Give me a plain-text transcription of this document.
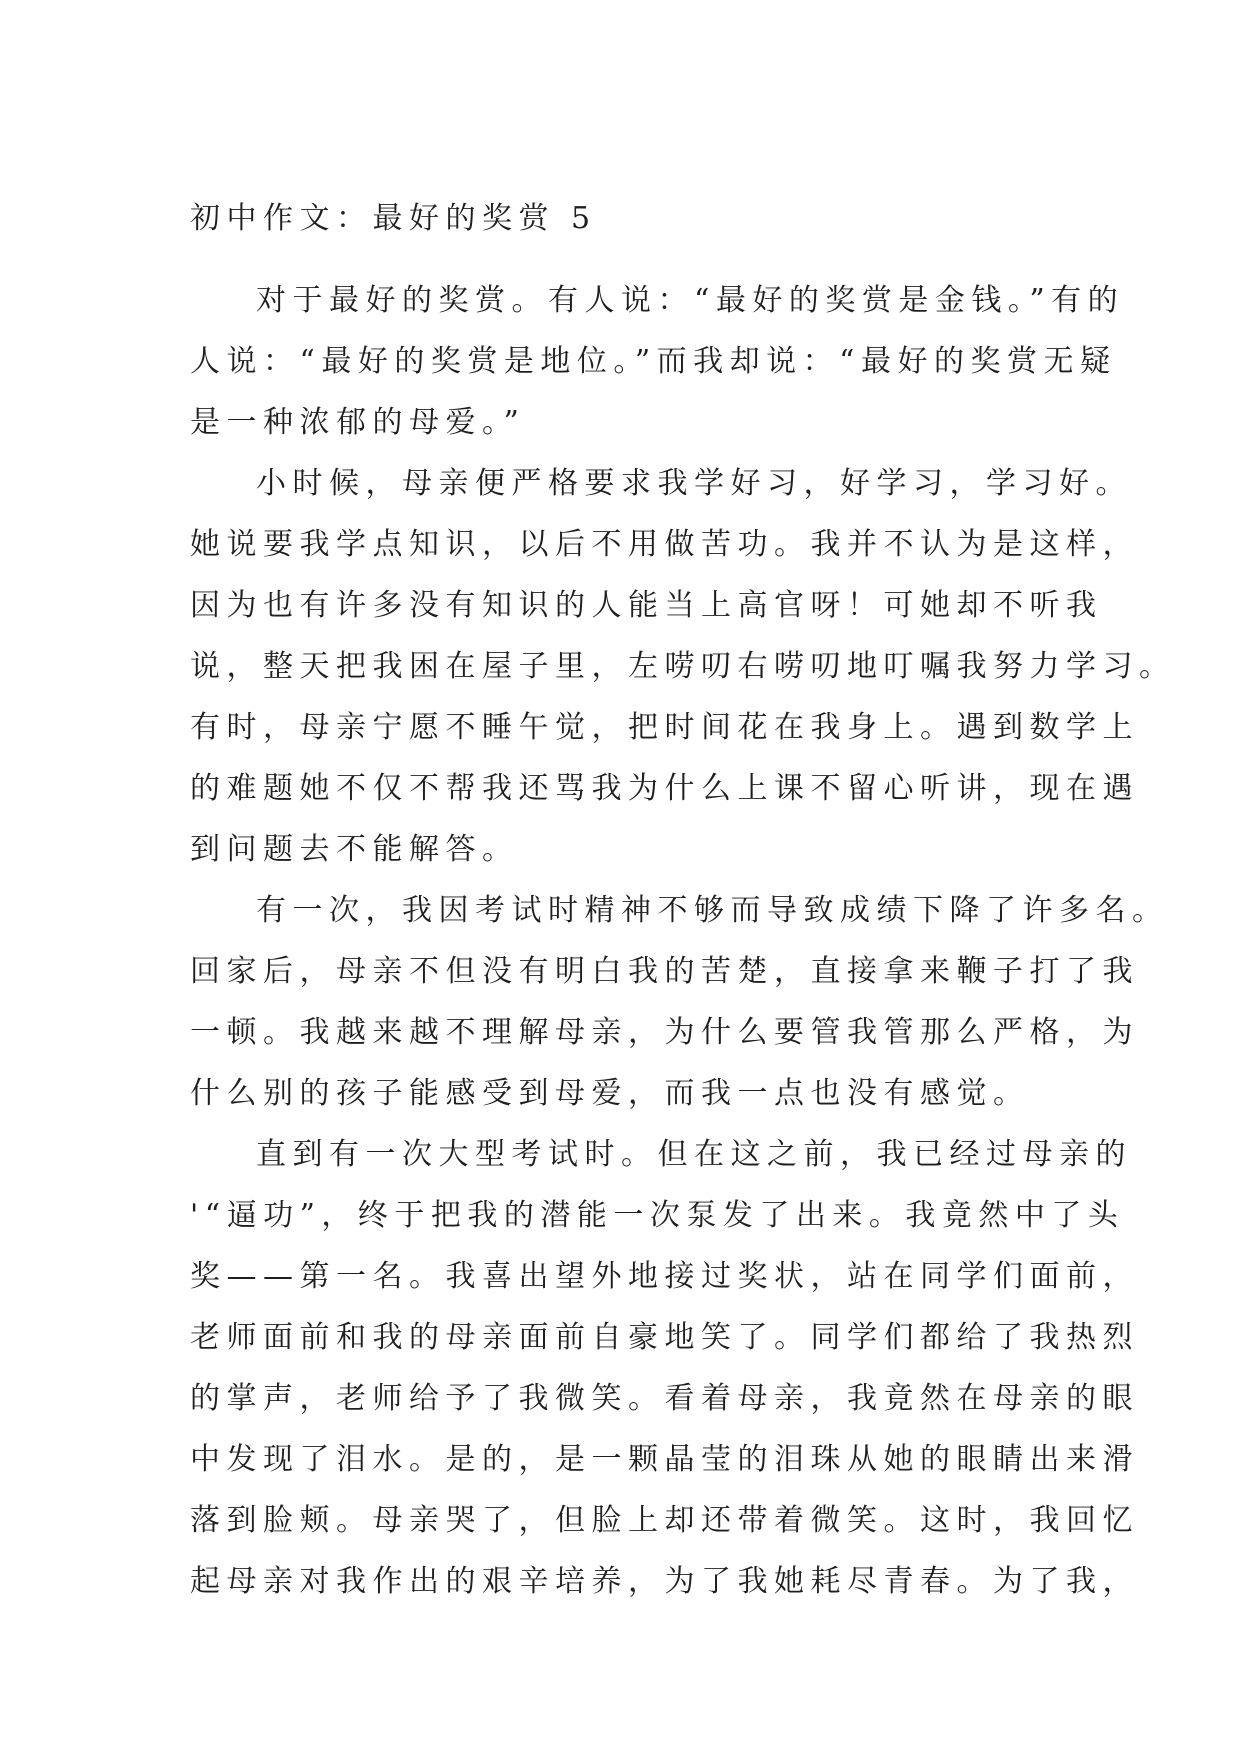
初中作文：最好的奖赏 5
对于最好的奖赏。有人说：“最好的奖赏是金钱。”有的
人说：“最好的奖赏是地位。”而我却说：“最好的奖赏无疑
是一种浓郁的母爱。”
小时候，母亲便严格要求我学好习，好学习，学习好。
她说要我学点知识，以后不用做苦功。我并不认为是这样，
因为也有许多没有知识的人能当上高官呀！可她却不听我
说，整天把我困在屋子里，左唠叨右唠叨地叮嘱我努力学习。
有时，母亲宁愿不睡午觉，把时间花在我身上。遇到数学上
的难题她不仅不帮我还骂我为什么上课不留心听讲，现在遇
到问题去不能解答。
有一次，我因考试时精神不够而导致成绩下降了许多名。
回家后，母亲不但没有明白我的苦楚，直接拿来鞭子打了我
一顿。我越来越不理解母亲，为什么要管我管那么严格，为
什么别的孩子能感受到母爱，而我一点也没有感觉。
直到有一次大型考试时。但在这之前，我已经过母亲的
'“逼功”，终于把我的潜能一次泵发了出来。我竟然中了头
奖——第一名。我喜出望外地接过奖状，站在同学们面前，
老师面前和我的母亲面前自豪地笑了。同学们都给了我热烈
的掌声，老师给予了我微笑。看着母亲，我竟然在母亲的眼
中发现了泪水。是的，是一颗晶莹的泪珠从她的眼睛出来滑
落到脸颊。母亲哭了，但脸上却还带着微笑。这时，我回忆
起母亲对我作出的艰辛培养，为了我她耗尽青春。为了我，
